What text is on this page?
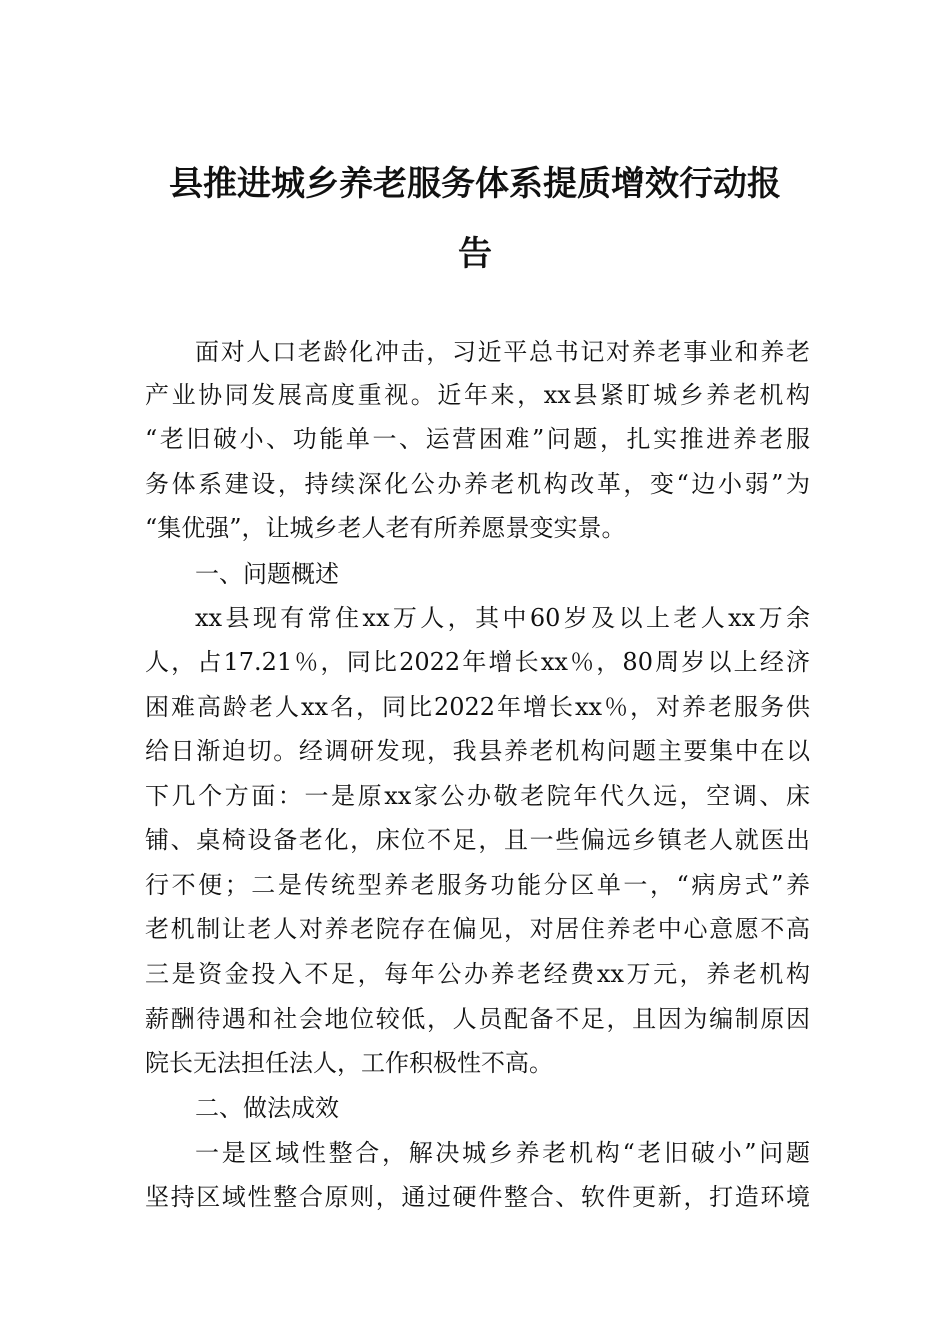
县推进城乡养老服务体系提质增效行动报
告
面对人口老龄化冲击，习近平总书记对养老事业和养老
产业协同发展高度重视。近年来，xx县紧盯城乡养老机构
“老旧破小、功能单一、运营困难”问题，扎实推进养老服
务体系建设，持续深化公办养老机构改革，变“边小弱”为
“集优强”，让城乡老人老有所养愿景变实景。
一、问题概述
xx县现有常住xx万人，其中60岁及以上老人xx万余
人，占17.21％，同比2022年增长xx％，80周岁以上经济
困难高龄老人xx名，同比2022年增长xx％，对养老服务供
给日渐迫切。经调研发现，我县养老机构问题主要集中在以
下几个方面：一是原xx家公办敬老院年代久远，空调、床
铺、桌椅设备老化，床位不足，且一些偏远乡镇老人就医出
行不便；二是传统型养老服务功能分区单一，“病房式”养
老机制让老人对养老院存在偏见，对居住养老中心意愿不高
三是资金投入不足，每年公办养老经费xx万元，养老机构
薪酬待遇和社会地位较低，人员配备不足，且因为编制原因
院长无法担任法人，工作积极性不高。
二、做法成效
一是区域性整合，解决城乡养老机构“老旧破小”问题
坚持区域性整合原则，通过硬件整合、软件更新，打造环境
